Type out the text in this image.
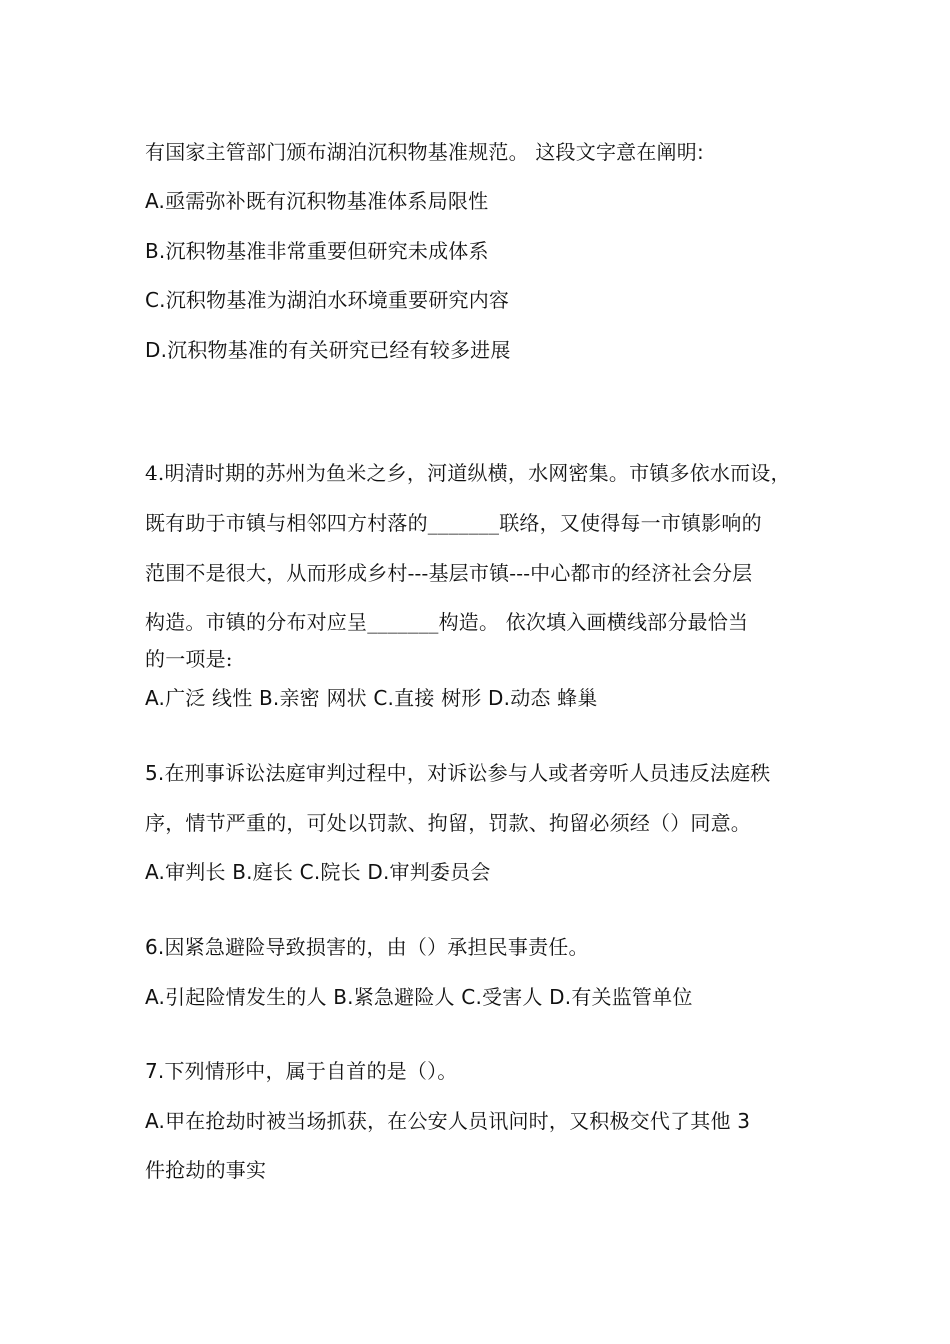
有国家主管部门颁布湖泊沉积物基准规范。 这段文字意在阐明:
A.亟需弥补既有沉积物基准体系局限性
B.沉积物基准非常重要但研究未成体系
C.沉积物基准为湖泊水环境重要研究内容
D.沉积物基准的有关研究已经有较多进展
4.明清时期的苏州为鱼米之乡，河道纵横，水网密集。市镇多依水而设，
既有助于市镇与相邻四方村落的_______联络，又使得每一市镇影响的
范围不是很大，从而形成乡村---基层市镇---中心都市的经济社会分层
构造。市镇的分布对应呈_______构造。 依次填入画横线部分最恰当
的一项是:
A.广泛 线性 B.亲密 网状 C.直接 树形 D.动态 蜂巢
5.在刑事诉讼法庭审判过程中，对诉讼参与人或者旁听人员违反法庭秩
序，情节严重的，可处以罚款、拘留，罚款、拘留必须经（）同意。
A.审判长 B.庭长 C.院长 D.审判委员会
6.因紧急避险导致损害的，由（）承担民事责任。
A.引起险情发生的人 B.紧急避险人 C.受害人 D.有关监管单位
7.下列情形中，属于自首的是（）。
A.甲在抢劫时被当场抓获，在公安人员讯问时，又积极交代了其他 3
件抢劫的事实
